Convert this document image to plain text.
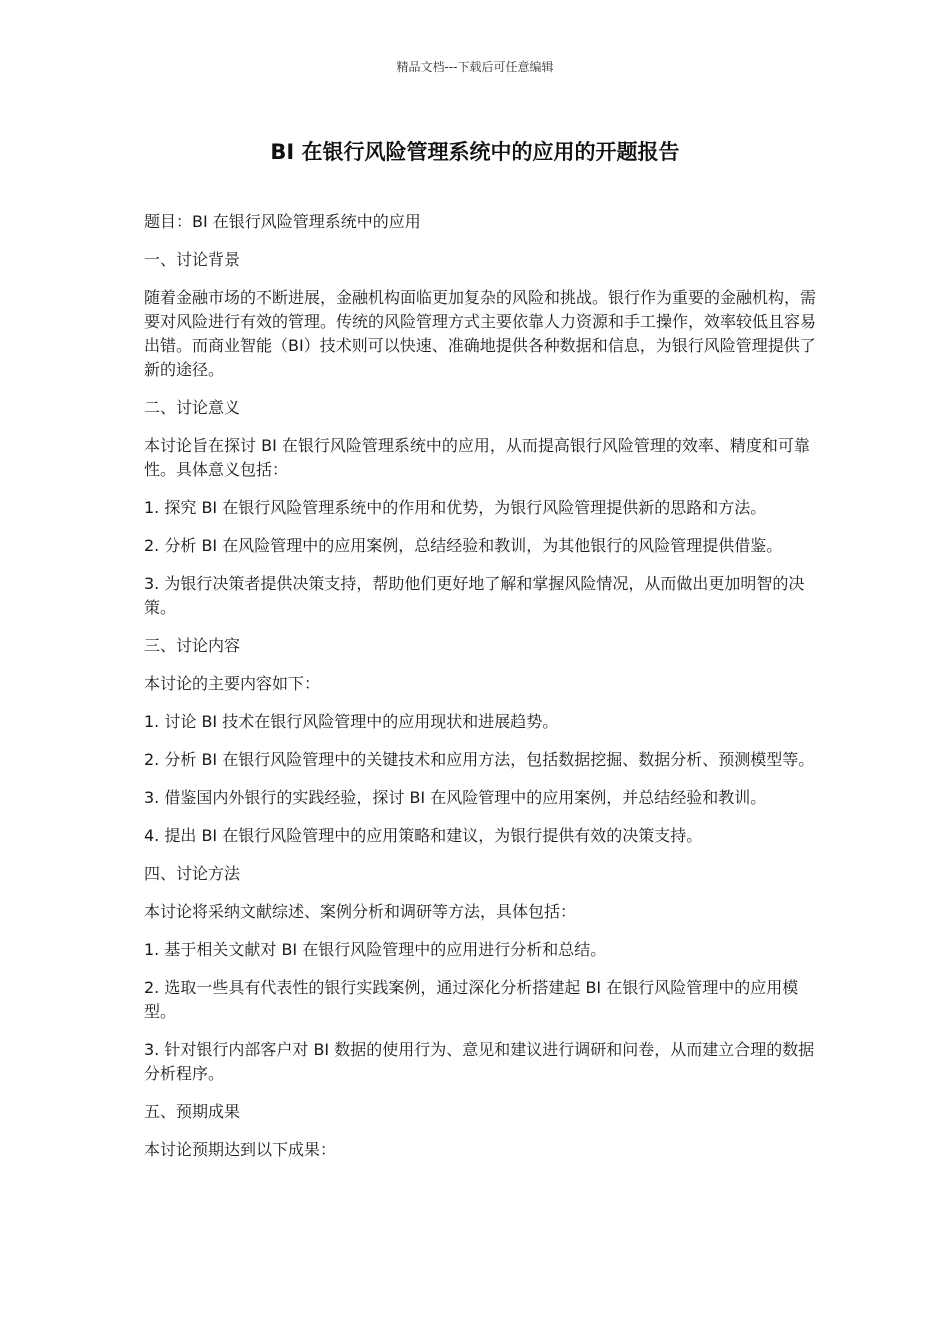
精品文档---下载后可任意编辑
BI 在银行风险管理系统中的应用的开题报告

题目：BI 在银行风险管理系统中的应用

一、讨论背景

随着金融市场的不断进展，金融机构面临更加复杂的风险和挑战。银行作为重要的金融机构，需要对风险进行有效的管理。传统的风险管理方式主要依靠人力资源和手工操作，效率较低且容易出错。而商业智能（BI）技术则可以快速、准确地提供各种数据和信息，为银行风险管理提供了新的途径。

二、讨论意义

本讨论旨在探讨 BI 在银行风险管理系统中的应用，从而提高银行风险管理的效率、精度和可靠性。具体意义包括：

1. 探究 BI 在银行风险管理系统中的作用和优势，为银行风险管理提供新的思路和方法。

2. 分析 BI 在风险管理中的应用案例，总结经验和教训，为其他银行的风险管理提供借鉴。

3. 为银行决策者提供决策支持，帮助他们更好地了解和掌握风险情况，从而做出更加明智的决策。

三、讨论内容

本讨论的主要内容如下：

1. 讨论 BI 技术在银行风险管理中的应用现状和进展趋势。

2. 分析 BI 在银行风险管理中的关键技术和应用方法，包括数据挖掘、数据分析、预测模型等。

3. 借鉴国内外银行的实践经验，探讨 BI 在风险管理中的应用案例，并总结经验和教训。

4. 提出 BI 在银行风险管理中的应用策略和建议，为银行提供有效的决策支持。

四、讨论方法

本讨论将采纳文献综述、案例分析和调研等方法，具体包括：

1. 基于相关文献对 BI 在银行风险管理中的应用进行分析和总结。

2. 选取一些具有代表性的银行实践案例，通过深化分析搭建起 BI 在银行风险管理中的应用模型。

3. 针对银行内部客户对 BI 数据的使用行为、意见和建议进行调研和问卷，从而建立合理的数据分析程序。

五、预期成果

本讨论预期达到以下成果：
